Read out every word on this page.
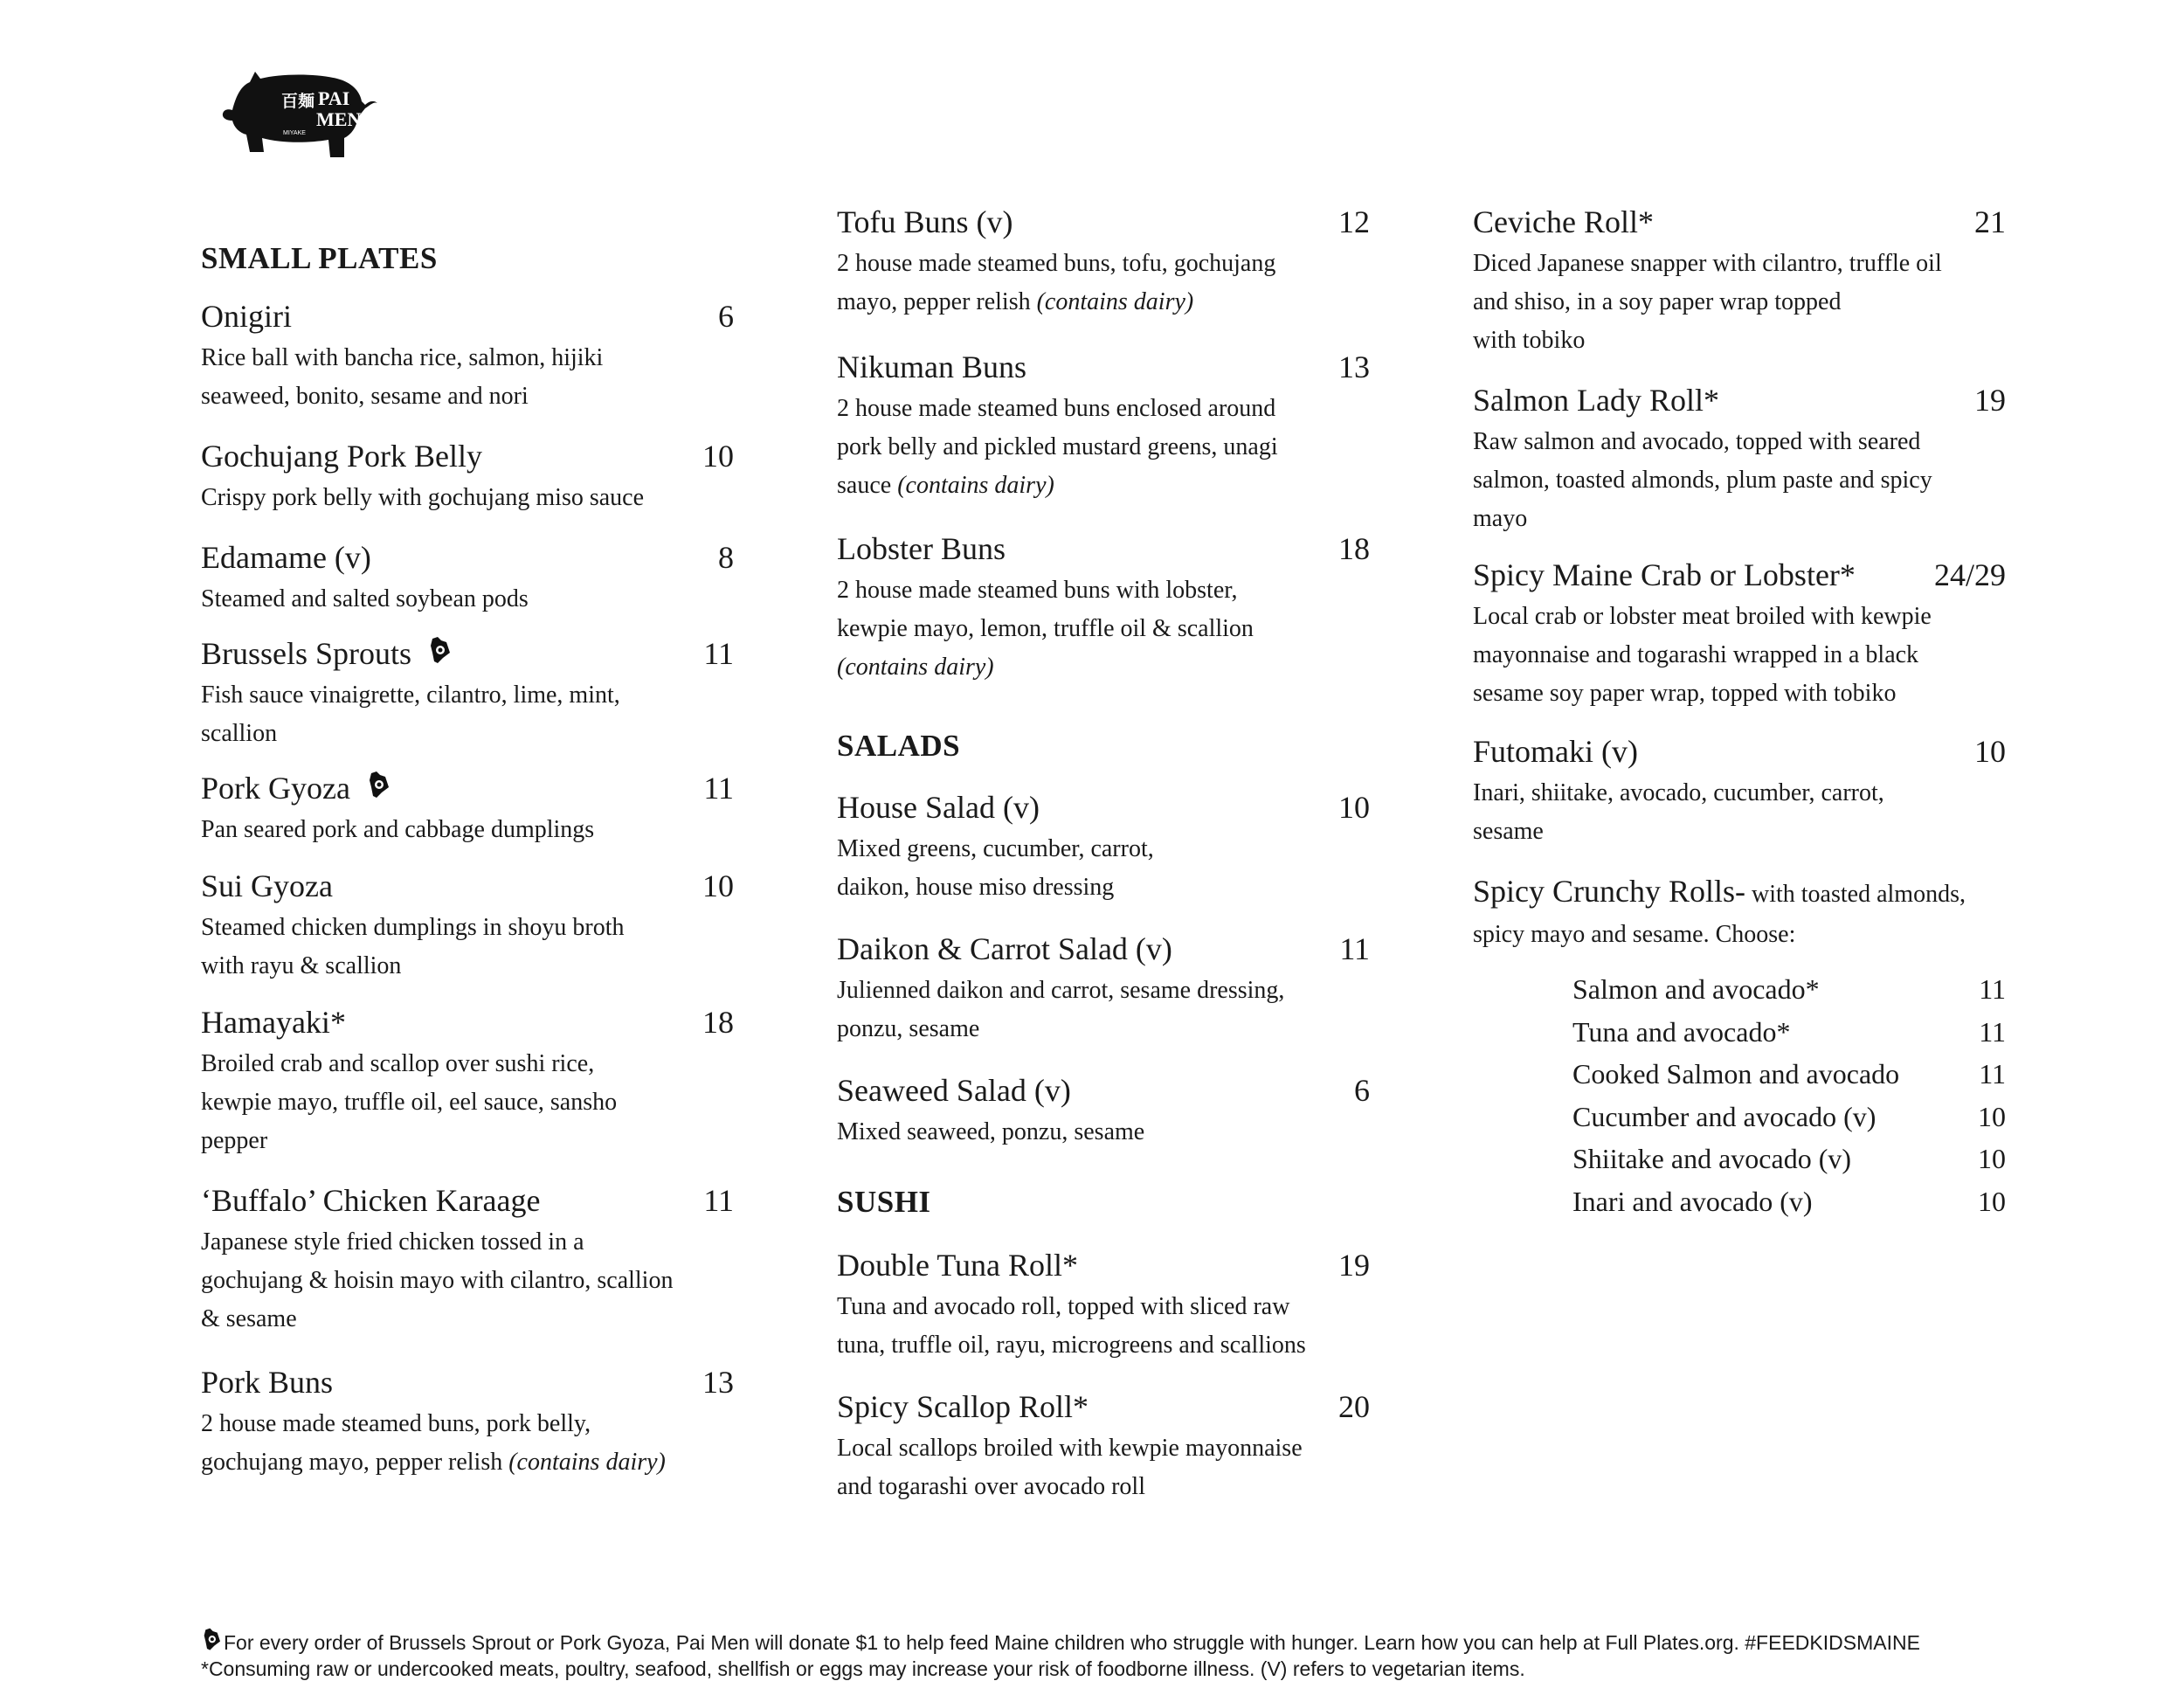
百麺 PAI
MEN
MIYAKE
SMALL PLATES
Onigiri	6
Rice ball with bancha rice, salmon, hijiki
seaweed, bonito, sesame and nori
Gochujang Pork Belly	10
Crispy pork belly with gochujang miso sauce
Edamame (v)	8
Steamed and salted soybean pods
Brussels Sprouts	11
Fish sauce vinaigrette, cilantro, lime, mint,
scallion
Pork Gyoza	11
Pan seared pork and cabbage dumplings
Sui Gyoza	10
Steamed chicken dumplings in shoyu broth
with rayu & scallion
Hamayaki*	18
Broiled crab and scallop over sushi rice,
kewpie mayo, truffle oil, eel sauce, sansho
pepper
‘Buffalo’ Chicken Karaage	11
Japanese style fried chicken tossed in a
gochujang & hoisin mayo with cilantro, scallion
& sesame
Pork Buns	13
2 house made steamed buns, pork belly,
gochujang mayo, pepper relish (contains dairy)
Tofu Buns (v)	12
2 house made steamed buns, tofu, gochujang
mayo, pepper relish (contains dairy)
Nikuman Buns	13
2 house made steamed buns enclosed around
pork belly and pickled mustard greens, unagi
sauce (contains dairy)
Lobster Buns	18
2 house made steamed buns with lobster,
kewpie mayo, lemon, truffle oil & scallion
(contains dairy)
SALADS
House Salad (v)	10
Mixed greens, cucumber, carrot,
daikon, house miso dressing
Daikon & Carrot Salad (v)	11
Julienned daikon and carrot, sesame dressing,
ponzu, sesame
Seaweed Salad (v)	6
Mixed seaweed, ponzu, sesame
SUSHI
Double Tuna Roll*	19
Tuna and avocado roll, topped with sliced raw
tuna, truffle oil, rayu, microgreens and scallions
Spicy Scallop Roll*	20
Local scallops broiled with kewpie mayonnaise
and togarashi over avocado roll
Ceviche Roll*	21
Diced Japanese snapper with cilantro, truffle oil
and shiso, in a soy paper wrap topped
with tobiko
Salmon Lady Roll*	19
Raw salmon and avocado, topped with seared
salmon, toasted almonds, plum paste and spicy
mayo
Spicy Maine Crab or Lobster*	24/29
Local crab or lobster meat broiled with kewpie
mayonnaise and togarashi wrapped in a black
sesame soy paper wrap, topped with tobiko
Futomaki (v)	10
Inari, shiitake, avocado, cucumber, carrot,
sesame
Spicy Crunchy Rolls- with toasted almonds,
spicy mayo and sesame. Choose:
Salmon and avocado*	11
Tuna and avocado*	11
Cooked Salmon and avocado	11
Cucumber and avocado (v)	10
Shiitake and avocado (v)	10
Inari and avocado (v)	10
For every order of Brussels Sprout or Pork Gyoza, Pai Men will donate $1 to help feed Maine children who struggle with hunger. Learn how you can help at Full Plates.org. #FEEDKIDSMAINE
*Consuming raw or undercooked meats, poultry, seafood, shellfish or eggs may increase your risk of foodborne illness. (V) refers to vegetarian items.
